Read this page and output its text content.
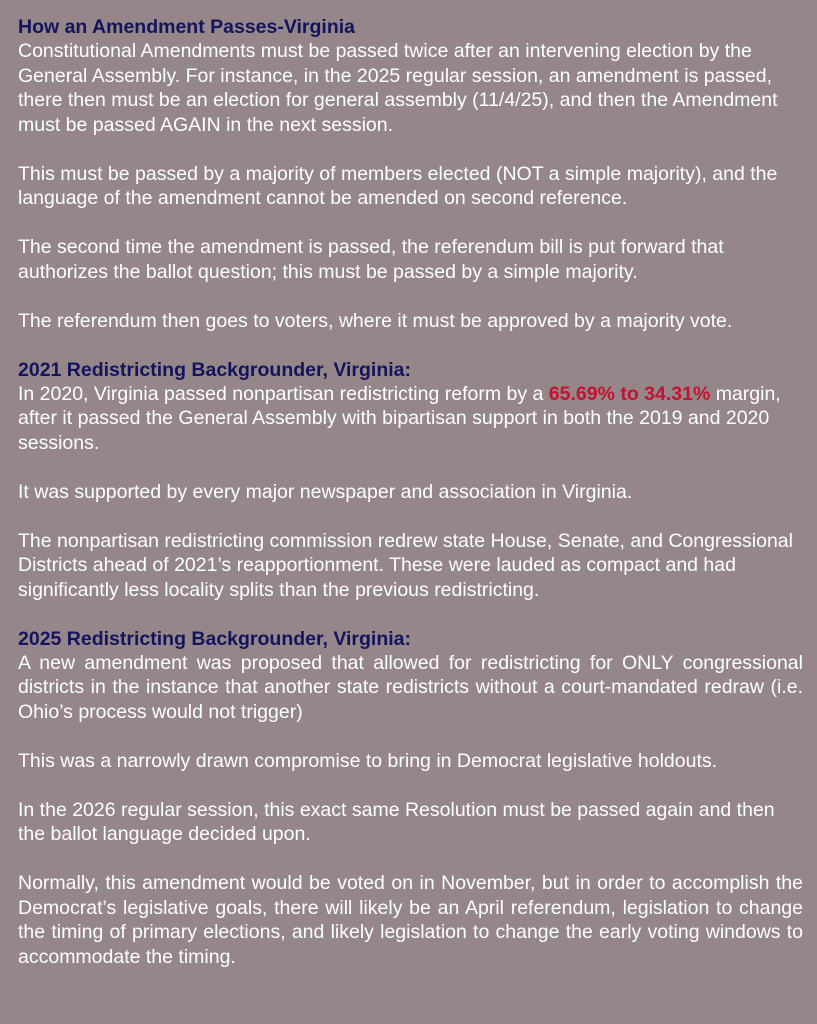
How an Amendment Passes-Virginia

Constitutional Amendments must be passed twice after an intervening election by the General Assembly. For instance, in the 2025 regular session, an amendment is passed, there then must be an election for general assembly (11/4/25), and then the Amendment must be passed AGAIN in the next session.

This must be passed by a majority of members elected (NOT a simple majority), and the language of the amendment cannot be amended on second reference.

The second time the amendment is passed, the referendum bill is put forward that authorizes the ballot question; this must be passed by a simple majority.

The referendum then goes to voters, where it must be approved by a majority vote.

2021 Redistricting Backgrounder, Virginia:

In 2020, Virginia passed nonpartisan redistricting reform by a 65.69% to 34.31% margin, after it passed the General Assembly with bipartisan support in both the 2019 and 2020 sessions.

It was supported by every major newspaper and association in Virginia.

The nonpartisan redistricting commission redrew state House, Senate, and Congressional Districts ahead of 2021’s reapportionment. These were lauded as compact and had significantly less locality splits than the previous redistricting.

2025 Redistricting Backgrounder, Virginia:

A new amendment was proposed that allowed for redistricting for ONLY congressional districts in the instance that another state redistricts without a court-mandated redraw (i.e. Ohio’s process would not trigger)

This was a narrowly drawn compromise to bring in Democrat legislative holdouts.

In the 2026 regular session, this exact same Resolution must be passed again and then the ballot language decided upon.

Normally, this amendment would be voted on in November, but in order to accomplish the Democrat’s legislative goals, there will likely be an April referendum, legislation to change the timing of primary elections, and likely legislation to change the early voting windows to accommodate the timing.
